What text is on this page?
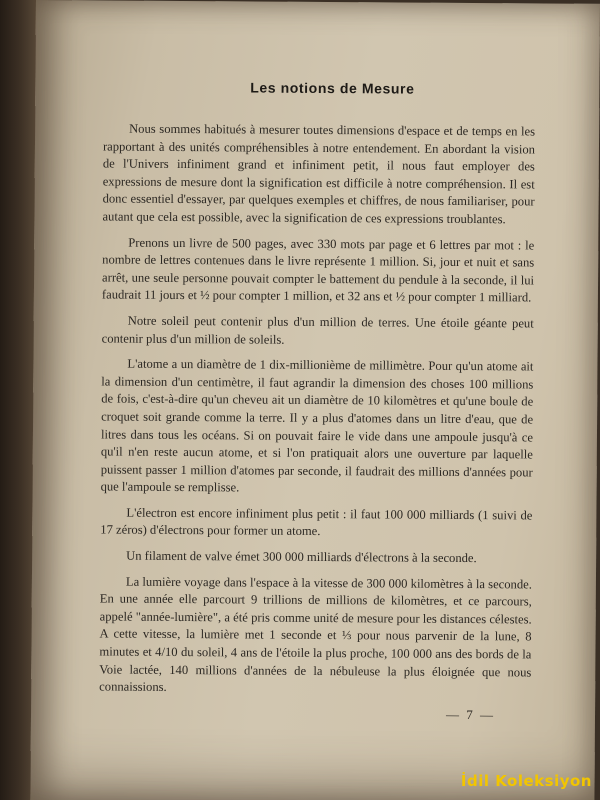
Les notions de Mesure

Nous sommes habitués à mesurer toutes dimensions d'espace et de temps en les rapportant à des unités compréhensibles à notre entendement. En abordant la vision de l'Univers infiniment grand et infiniment petit, il nous faut employer des expressions de mesure dont la signification est difficile à notre compréhension. Il est donc essentiel d'essayer, par quelques exemples et chiffres, de nous familiariser, pour autant que cela est possible, avec la signification de ces expressions troublantes.

Prenons un livre de 500 pages, avec 330 mots par page et 6 lettres par mot : le nombre de lettres contenues dans le livre représente 1 million. Si, jour et nuit et sans arrêt, une seule personne pouvait compter le battement du pendule à la seconde, il lui faudrait 11 jours et ½ pour compter 1 million, et 32 ans et ½ pour compter 1 milliard.

Notre soleil peut contenir plus d'un million de terres. Une étoile géante peut contenir plus d'un million de soleils.

L'atome a un diamètre de 1 dix-millionième de millimètre. Pour qu'un atome ait la dimension d'un centimètre, il faut agrandir la dimension des choses 100 millions de fois, c'est-à-dire qu'un cheveu ait un diamètre de 10 kilomètres et qu'une boule de croquet soit grande comme la terre. Il y a plus d'atomes dans un litre d'eau, que de litres dans tous les océans. Si on pouvait faire le vide dans une ampoule jusqu'à ce qu'il n'en reste aucun atome, et si l'on pratiquait alors une ouverture par laquelle puissent passer 1 million d'atomes par seconde, il faudrait des millions d'années pour que l'ampoule se remplisse.

L'électron est encore infiniment plus petit : il faut 100 000 milliards (1 suivi de 17 zéros) d'électrons pour former un atome.

Un filament de valve émet 300 000 milliards d'électrons à la seconde.

La lumière voyage dans l'espace à la vitesse de 300 000 kilomètres à la seconde. En une année elle parcourt 9 trillions de millions de kilomètres, et ce parcours, appelé "année-lumière", a été pris comme unité de mesure pour les distances célestes. A cette vitesse, la lumière met 1 seconde et ⅓ pour nous parvenir de la lune, 8 minutes et 4/10 du soleil, 4 ans de l'étoile la plus proche, 100 000 ans des bords de la Voie lactée, 140 millions d'années de la nébuleuse la plus éloignée que nous connaissions.

— 7 —
İdil Koleksiyon
